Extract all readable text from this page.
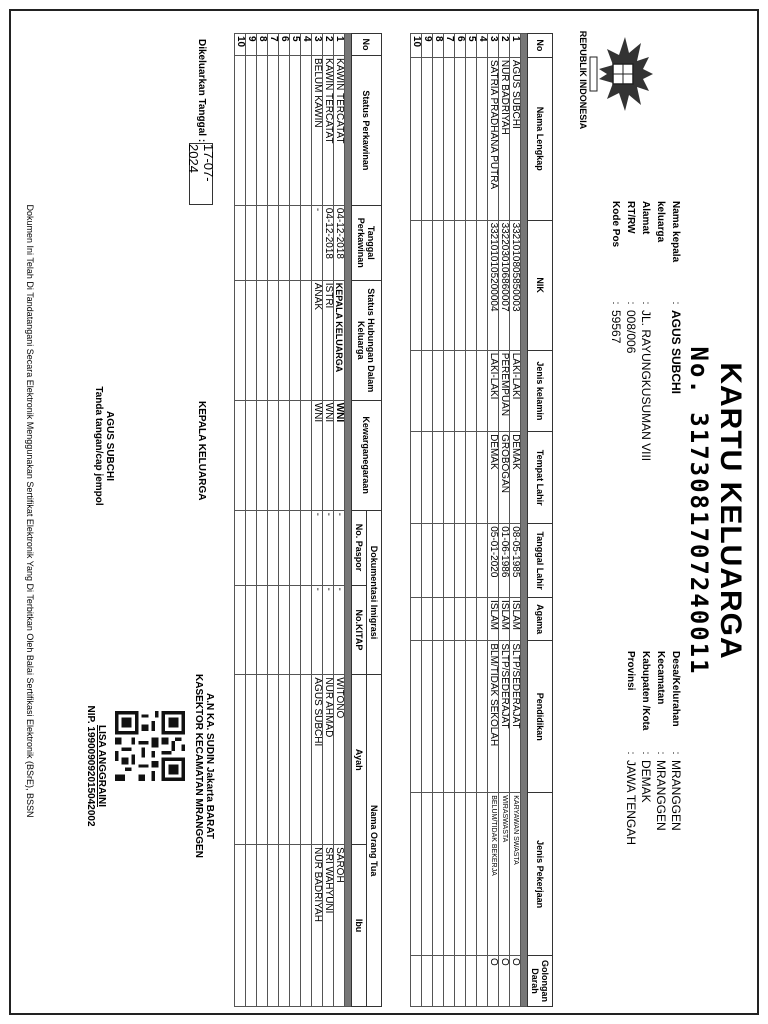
KARTU KELUARGA
No. 3173081707240011
REPUBLIK INDONESIA
Nama kepala keluarga
:
AGUS SUBCHI
Alamat
:
JL. RAYUNGKUSUMAN VIII
RT/RW
:
008/006
Kode Pos
:
59567
Desa/Kelurahan
:
MRANGGEN
Kecamatan
:
MRANGGEN
Kabupaten /Kota
:
DEMAK
Provinsi
:
JAWA TENGAH
No	Nama Lengkap	NIK	Jenis kelamin	Tempat Lahir	Tanggal Lahir	Agama	Pendidikan	Jenis Pekerjaan	Golongan Darah

1	AGUS SUBCHI	3321010805850003	LAKI-LAKI	DEMAK	08-05-1985	ISLAM	SLTP/SEDERAJAT	KARYAWAN SWASTA	O
2	NUR BADRIYAH	3322030106860007	PEREMPUAN	GROBOGAN	01-06-1986	ISLAM	SLTP/SEDERAJAT	WIRASWASTA	O
3	SATRIA PRADHANA PUTRA	3321010105200004	LAKI-LAKI	DEMAK	05-01-2020	ISLAM	BLM/TIDAK SEKOLAH	BELUM/TIDAK BEKERJA	O
4									
5									
6									
7									
8									
9									
10									
No	Status Perkawinan	Tanggal Perkawinan	Status Hubungan Dalam Keluarga	Kewarganegaraan	Dokumentasi Imigrasi		Nama Orang Tua	
					No. Paspor	No.KITAP	Ayah	Ibu

1	KAWIN TERCATAT	04-12-2018	KEPALA KELUARGA	WNI	-	-	WITONO	SAROH
2	KAWIN TERCATAT	04-12-2018	ISTRI	WNI	-	-	NUR AHMAD	SRI WAHYUNI
3	BELUM KAWIN	-	ANAK	WNI	-	-	AGUS SUBCHI	NUR BADRIYAH
4								
5								
6								
7								
8								
9								
10								
Dikeluarkan Tanggal :
17-07-2024
KEPALA KELUARGA
AGUS SUBCHI
Tanda tangan/cap jempol
A.N KA. SUDIN Jakarta BARAT
KASEKTOR KECAMATAN MRANGGEN
LISA ANGGRAINI
NIP. 199009092015042002
Dokumen Ini Telah Di Tandatangani Secara Elektronik Menggunakan Sertifikat Elektronik Yang Di Terbitkan Oleh Balai Sertifikasi Elektronik (BSrE), BSSN
